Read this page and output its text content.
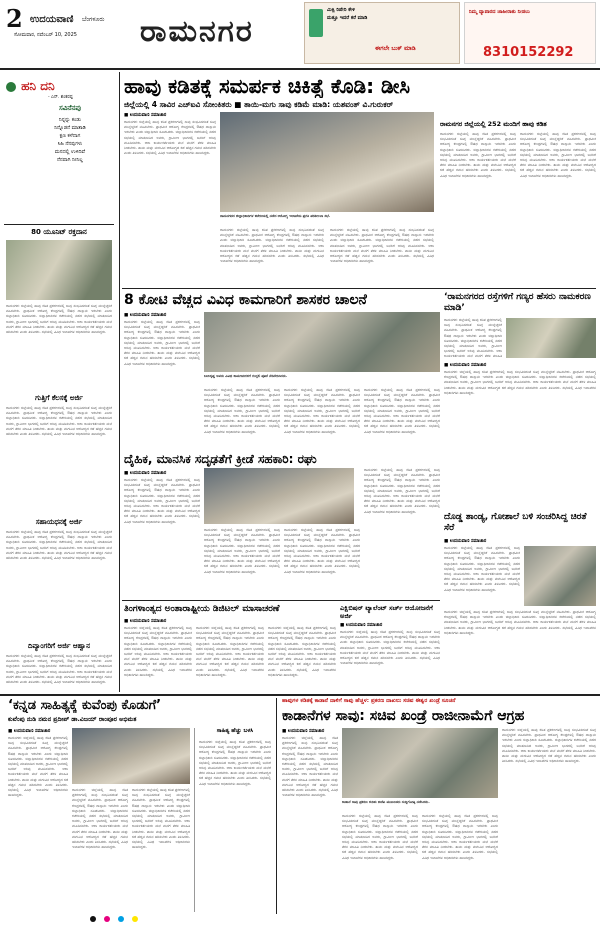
2 ಉದಯವಾಣಿ ಬೆಂಗಳೂರು
ಸೋಮವಾರ, ನವೆಂಬರ್ 10, 2025 ರಾಮನಗರ
ಮಿಕ್ಸಿ ರಿಪೇರಿ ಕೇಳಿ
ಮತ್ತೂ ಇದರೆ ಕರೆ ಮಾಡಿ
ಈಗಲೇ ಬುಕ್ ಮಾಡಿ
ನಿಮ್ಮ ವ್ಯಾಪಾರದ ಜಾಹೀರಾತು ನೀಡಲು
8310152292
ಹನಿ ದನಿ
- ಎನ್. ಶಂಕರಪ್ಪ
ಸವಿನೆನಪು
ನಿನ್ನನ್ನು ಕಂಡು
ನಿನ್ನೊಡನೆ ಮಾತಾಡಿ
ಕ್ಷಣ ಕಳೆದಾಗ
ಸಿಹಿ ನೆನಪುಗಳು
ಮನದಲ್ಲಿ ಉಳಿದಿವೆ
ನೆನಪಾಗಿ ನೀನಿಲ್ಲ
80 ಯೂನಿಟ್ ರಕ್ತದಾನ
ರಾಮನಗರ: ಜಿಲ್ಲೆಯಲ್ಲಿ ಹಾವು ಕಡಿತ ಪ್ರಕರಣಗಳಲ್ಲಿ ಸಾವು ಸಂಭವಿಸದಂತೆ ಸೂಕ್ತ ಮುನ್ನೆಚ್ಚರಿಕೆ ವಹಿಸಬೇಕು. ಪ್ರಾಥಮಿಕ ಆರೋಗ್ಯ ಕೇಂದ್ರಗಳಲ್ಲಿ ಔಷಧ ದಾಸ್ತಾನು ಇರಬೇಕು ಎಂದು ಜಿಲ್ಲಾಧಿಕಾರಿ ಸೂಚಿಸಿದರು. ಜಿಲ್ಲಾಧಿಕಾರಿಗಳ ಕಚೇರಿಯಲ್ಲಿ ನಡೆದ ಸಭೆಯಲ್ಲಿ ಮಾತನಾಡಿದ ಅವರು, ಗ್ರಾಮೀಣ ಭಾಗದಲ್ಲಿ ಜನರಿಗೆ ಅರಿವು ಮೂಡಿಸಬೇಕು. ಆಶಾ ಕಾರ್ಯಕರ್ತೆಯರು ಮನೆ ಮನೆಗೆ ತೆರಳಿ ಮಾಹಿತಿ ನೀಡಬೇಕು. ತಾಯಿ ಮತ್ತು ಮಗುವಿನ ಆರೋಗ್ಯದ ಕಡೆ ಹೆಚ್ಚಿನ ಗಮನ ಹರಿಸಬೇಕು ಎಂದು ತಿಳಿಸಿದರು. ಸಭೆಯಲ್ಲಿ ವಿವಿಧ ಇಲಾಖೆಗಳ ಅಧಿಕಾರಿಗಳು ಹಾಜರಿದ್ದರು.
ಗುತ್ತಿಗೆ ಕೆಲಸಕ್ಕೆ ಅರ್ಜಿ
ರಾಮನಗರ: ಜಿಲ್ಲೆಯಲ್ಲಿ ಹಾವು ಕಡಿತ ಪ್ರಕರಣಗಳಲ್ಲಿ ಸಾವು ಸಂಭವಿಸದಂತೆ ಸೂಕ್ತ ಮುನ್ನೆಚ್ಚರಿಕೆ ವಹಿಸಬೇಕು. ಪ್ರಾಥಮಿಕ ಆರೋಗ್ಯ ಕೇಂದ್ರಗಳಲ್ಲಿ ಔಷಧ ದಾಸ್ತಾನು ಇರಬೇಕು ಎಂದು ಜಿಲ್ಲಾಧಿಕಾರಿ ಸೂಚಿಸಿದರು. ಜಿಲ್ಲಾಧಿಕಾರಿಗಳ ಕಚೇರಿಯಲ್ಲಿ ನಡೆದ ಸಭೆಯಲ್ಲಿ ಮಾತನಾಡಿದ ಅವರು, ಗ್ರಾಮೀಣ ಭಾಗದಲ್ಲಿ ಜನರಿಗೆ ಅರಿವು ಮೂಡಿಸಬೇಕು. ಆಶಾ ಕಾರ್ಯಕರ್ತೆಯರು ಮನೆ ಮನೆಗೆ ತೆರಳಿ ಮಾಹಿತಿ ನೀಡಬೇಕು. ತಾಯಿ ಮತ್ತು ಮಗುವಿನ ಆರೋಗ್ಯದ ಕಡೆ ಹೆಚ್ಚಿನ ಗಮನ ಹರಿಸಬೇಕು ಎಂದು ತಿಳಿಸಿದರು. ಸಭೆಯಲ್ಲಿ ವಿವಿಧ ಇಲಾಖೆಗಳ ಅಧಿಕಾರಿಗಳು ಹಾಜರಿದ್ದರು.
ಸಹಾಯಧನಕ್ಕೆ ಅರ್ಜಿ
ರಾಮನಗರ: ಜಿಲ್ಲೆಯಲ್ಲಿ ಹಾವು ಕಡಿತ ಪ್ರಕರಣಗಳಲ್ಲಿ ಸಾವು ಸಂಭವಿಸದಂತೆ ಸೂಕ್ತ ಮುನ್ನೆಚ್ಚರಿಕೆ ವಹಿಸಬೇಕು. ಪ್ರಾಥಮಿಕ ಆರೋಗ್ಯ ಕೇಂದ್ರಗಳಲ್ಲಿ ಔಷಧ ದಾಸ್ತಾನು ಇರಬೇಕು ಎಂದು ಜಿಲ್ಲಾಧಿಕಾರಿ ಸೂಚಿಸಿದರು. ಜಿಲ್ಲಾಧಿಕಾರಿಗಳ ಕಚೇರಿಯಲ್ಲಿ ನಡೆದ ಸಭೆಯಲ್ಲಿ ಮಾತನಾಡಿದ ಅವರು, ಗ್ರಾಮೀಣ ಭಾಗದಲ್ಲಿ ಜನರಿಗೆ ಅರಿವು ಮೂಡಿಸಬೇಕು. ಆಶಾ ಕಾರ್ಯಕರ್ತೆಯರು ಮನೆ ಮನೆಗೆ ತೆರಳಿ ಮಾಹಿತಿ ನೀಡಬೇಕು. ತಾಯಿ ಮತ್ತು ಮಗುವಿನ ಆರೋಗ್ಯದ ಕಡೆ ಹೆಚ್ಚಿನ ಗಮನ ಹರಿಸಬೇಕು ಎಂದು ತಿಳಿಸಿದರು. ಸಭೆಯಲ್ಲಿ ವಿವಿಧ ಇಲಾಖೆಗಳ ಅಧಿಕಾರಿಗಳು ಹಾಜರಿದ್ದರು.
ದಿವ್ಯಾಂಗರಿಗೆ ಅರ್ಜಿ ಆಹ್ವಾನ
ರಾಮನಗರ: ಜಿಲ್ಲೆಯಲ್ಲಿ ಹಾವು ಕಡಿತ ಪ್ರಕರಣಗಳಲ್ಲಿ ಸಾವು ಸಂಭವಿಸದಂತೆ ಸೂಕ್ತ ಮುನ್ನೆಚ್ಚರಿಕೆ ವಹಿಸಬೇಕು. ಪ್ರಾಥಮಿಕ ಆರೋಗ್ಯ ಕೇಂದ್ರಗಳಲ್ಲಿ ಔಷಧ ದಾಸ್ತಾನು ಇರಬೇಕು ಎಂದು ಜಿಲ್ಲಾಧಿಕಾರಿ ಸೂಚಿಸಿದರು. ಜಿಲ್ಲಾಧಿಕಾರಿಗಳ ಕಚೇರಿಯಲ್ಲಿ ನಡೆದ ಸಭೆಯಲ್ಲಿ ಮಾತನಾಡಿದ ಅವರು, ಗ್ರಾಮೀಣ ಭಾಗದಲ್ಲಿ ಜನರಿಗೆ ಅರಿವು ಮೂಡಿಸಬೇಕು. ಆಶಾ ಕಾರ್ಯಕರ್ತೆಯರು ಮನೆ ಮನೆಗೆ ತೆರಳಿ ಮಾಹಿತಿ ನೀಡಬೇಕು. ತಾಯಿ ಮತ್ತು ಮಗುವಿನ ಆರೋಗ್ಯದ ಕಡೆ ಹೆಚ್ಚಿನ ಗಮನ ಹರಿಸಬೇಕು ಎಂದು ತಿಳಿಸಿದರು. ಸಭೆಯಲ್ಲಿ ವಿವಿಧ ಇಲಾಖೆಗಳ ಅಧಿಕಾರಿಗಳು ಹಾಜರಿದ್ದರು.
ಹಾವು ಕಡಿತಕ್ಕೆ ಸಮರ್ಪಕ ಚಿಕಿತ್ಸೆ ಕೊಡಿ: ಡೀಸಿ
ಜಿಲ್ಲೆಯಲ್ಲಿ 4 ಸಾವಿರ ಎಚ್‌ಐವಿ ಸೋಂಕಿತರು ■ ತಾಯಿ-ಮಗು ಸಾವು ಕಡಿಮೆ ಮಾಡಿ: ಯಶವಂತ್ ವಿ.ಗುರುಕರ್
■ ಉದಯವಾಣಿ ಸಮಾಚಾರ
ರಾಮನಗರ: ಜಿಲ್ಲೆಯಲ್ಲಿ ಹಾವು ಕಡಿತ ಪ್ರಕರಣಗಳಲ್ಲಿ ಸಾವು ಸಂಭವಿಸದಂತೆ ಸೂಕ್ತ ಮುನ್ನೆಚ್ಚರಿಕೆ ವಹಿಸಬೇಕು. ಪ್ರಾಥಮಿಕ ಆರೋಗ್ಯ ಕೇಂದ್ರಗಳಲ್ಲಿ ಔಷಧ ದಾಸ್ತಾನು ಇರಬೇಕು ಎಂದು ಜಿಲ್ಲಾಧಿಕಾರಿ ಸೂಚಿಸಿದರು. ಜಿಲ್ಲಾಧಿಕಾರಿಗಳ ಕಚೇರಿಯಲ್ಲಿ ನಡೆದ ಸಭೆಯಲ್ಲಿ ಮಾತನಾಡಿದ ಅವರು, ಗ್ರಾಮೀಣ ಭಾಗದಲ್ಲಿ ಜನರಿಗೆ ಅರಿವು ಮೂಡಿಸಬೇಕು. ಆಶಾ ಕಾರ್ಯಕರ್ತೆಯರು ಮನೆ ಮನೆಗೆ ತೆರಳಿ ಮಾಹಿತಿ ನೀಡಬೇಕು. ತಾಯಿ ಮತ್ತು ಮಗುವಿನ ಆರೋಗ್ಯದ ಕಡೆ ಹೆಚ್ಚಿನ ಗಮನ ಹರಿಸಬೇಕು ಎಂದು ತಿಳಿಸಿದರು. ಸಭೆಯಲ್ಲಿ ವಿವಿಧ ಇಲಾಖೆಗಳ ಅಧಿಕಾರಿಗಳು ಹಾಜರಿದ್ದರು.
ರಾಮನಗರದ ಜಿಲ್ಲಾಧಿಕಾರಿಗಳ ಕಚೇರಿಯಲ್ಲಿ ನಡೆದ ಆರೋಗ್ಯ ಇಲಾಖೆಯ ಪ್ರಗತಿ ಪರಿಶೀಲನಾ ಸಭೆ.
ರಾಮನಗರ: ಜಿಲ್ಲೆಯಲ್ಲಿ ಹಾವು ಕಡಿತ ಪ್ರಕರಣಗಳಲ್ಲಿ ಸಾವು ಸಂಭವಿಸದಂತೆ ಸೂಕ್ತ ಮುನ್ನೆಚ್ಚರಿಕೆ ವಹಿಸಬೇಕು. ಪ್ರಾಥಮಿಕ ಆರೋಗ್ಯ ಕೇಂದ್ರಗಳಲ್ಲಿ ಔಷಧ ದಾಸ್ತಾನು ಇರಬೇಕು ಎಂದು ಜಿಲ್ಲಾಧಿಕಾರಿ ಸೂಚಿಸಿದರು. ಜಿಲ್ಲಾಧಿಕಾರಿಗಳ ಕಚೇರಿಯಲ್ಲಿ ನಡೆದ ಸಭೆಯಲ್ಲಿ ಮಾತನಾಡಿದ ಅವರು, ಗ್ರಾಮೀಣ ಭಾಗದಲ್ಲಿ ಜನರಿಗೆ ಅರಿವು ಮೂಡಿಸಬೇಕು. ಆಶಾ ಕಾರ್ಯಕರ್ತೆಯರು ಮನೆ ಮನೆಗೆ ತೆರಳಿ ಮಾಹಿತಿ ನೀಡಬೇಕು. ತಾಯಿ ಮತ್ತು ಮಗುವಿನ ಆರೋಗ್ಯದ ಕಡೆ ಹೆಚ್ಚಿನ ಗಮನ ಹರಿಸಬೇಕು ಎಂದು ತಿಳಿಸಿದರು. ಸಭೆಯಲ್ಲಿ ವಿವಿಧ ಇಲಾಖೆಗಳ ಅಧಿಕಾರಿಗಳು ಹಾಜರಿದ್ದರು.
ರಾಮನಗರ: ಜಿಲ್ಲೆಯಲ್ಲಿ ಹಾವು ಕಡಿತ ಪ್ರಕರಣಗಳಲ್ಲಿ ಸಾವು ಸಂಭವಿಸದಂತೆ ಸೂಕ್ತ ಮುನ್ನೆಚ್ಚರಿಕೆ ವಹಿಸಬೇಕು. ಪ್ರಾಥಮಿಕ ಆರೋಗ್ಯ ಕೇಂದ್ರಗಳಲ್ಲಿ ಔಷಧ ದಾಸ್ತಾನು ಇರಬೇಕು ಎಂದು ಜಿಲ್ಲಾಧಿಕಾರಿ ಸೂಚಿಸಿದರು. ಜಿಲ್ಲಾಧಿಕಾರಿಗಳ ಕಚೇರಿಯಲ್ಲಿ ನಡೆದ ಸಭೆಯಲ್ಲಿ ಮಾತನಾಡಿದ ಅವರು, ಗ್ರಾಮೀಣ ಭಾಗದಲ್ಲಿ ಜನರಿಗೆ ಅರಿವು ಮೂಡಿಸಬೇಕು. ಆಶಾ ಕಾರ್ಯಕರ್ತೆಯರು ಮನೆ ಮನೆಗೆ ತೆರಳಿ ಮಾಹಿತಿ ನೀಡಬೇಕು. ತಾಯಿ ಮತ್ತು ಮಗುವಿನ ಆರೋಗ್ಯದ ಕಡೆ ಹೆಚ್ಚಿನ ಗಮನ ಹರಿಸಬೇಕು ಎಂದು ತಿಳಿಸಿದರು. ಸಭೆಯಲ್ಲಿ ವಿವಿಧ ಇಲಾಖೆಗಳ ಅಧಿಕಾರಿಗಳು ಹಾಜರಿದ್ದರು.
ರಾಮನಗರ ಜಿಲ್ಲೆಯಲ್ಲಿ 252 ಮಂದಿಗೆ ಹಾವು ಕಡಿತ
ರಾಮನಗರ: ಜಿಲ್ಲೆಯಲ್ಲಿ ಹಾವು ಕಡಿತ ಪ್ರಕರಣಗಳಲ್ಲಿ ಸಾವು ಸಂಭವಿಸದಂತೆ ಸೂಕ್ತ ಮುನ್ನೆಚ್ಚರಿಕೆ ವಹಿಸಬೇಕು. ಪ್ರಾಥಮಿಕ ಆರೋಗ್ಯ ಕೇಂದ್ರಗಳಲ್ಲಿ ಔಷಧ ದಾಸ್ತಾನು ಇರಬೇಕು ಎಂದು ಜಿಲ್ಲಾಧಿಕಾರಿ ಸೂಚಿಸಿದರು. ಜಿಲ್ಲಾಧಿಕಾರಿಗಳ ಕಚೇರಿಯಲ್ಲಿ ನಡೆದ ಸಭೆಯಲ್ಲಿ ಮಾತನಾಡಿದ ಅವರು, ಗ್ರಾಮೀಣ ಭಾಗದಲ್ಲಿ ಜನರಿಗೆ ಅರಿವು ಮೂಡಿಸಬೇಕು. ಆಶಾ ಕಾರ್ಯಕರ್ತೆಯರು ಮನೆ ಮನೆಗೆ ತೆರಳಿ ಮಾಹಿತಿ ನೀಡಬೇಕು. ತಾಯಿ ಮತ್ತು ಮಗುವಿನ ಆರೋಗ್ಯದ ಕಡೆ ಹೆಚ್ಚಿನ ಗಮನ ಹರಿಸಬೇಕು ಎಂದು ತಿಳಿಸಿದರು. ಸಭೆಯಲ್ಲಿ ವಿವಿಧ ಇಲಾಖೆಗಳ ಅಧಿಕಾರಿಗಳು ಹಾಜರಿದ್ದರು.
ರಾಮನಗರ: ಜಿಲ್ಲೆಯಲ್ಲಿ ಹಾವು ಕಡಿತ ಪ್ರಕರಣಗಳಲ್ಲಿ ಸಾವು ಸಂಭವಿಸದಂತೆ ಸೂಕ್ತ ಮುನ್ನೆಚ್ಚರಿಕೆ ವಹಿಸಬೇಕು. ಪ್ರಾಥಮಿಕ ಆರೋಗ್ಯ ಕೇಂದ್ರಗಳಲ್ಲಿ ಔಷಧ ದಾಸ್ತಾನು ಇರಬೇಕು ಎಂದು ಜಿಲ್ಲಾಧಿಕಾರಿ ಸೂಚಿಸಿದರು. ಜಿಲ್ಲಾಧಿಕಾರಿಗಳ ಕಚೇರಿಯಲ್ಲಿ ನಡೆದ ಸಭೆಯಲ್ಲಿ ಮಾತನಾಡಿದ ಅವರು, ಗ್ರಾಮೀಣ ಭಾಗದಲ್ಲಿ ಜನರಿಗೆ ಅರಿವು ಮೂಡಿಸಬೇಕು. ಆಶಾ ಕಾರ್ಯಕರ್ತೆಯರು ಮನೆ ಮನೆಗೆ ತೆರಳಿ ಮಾಹಿತಿ ನೀಡಬೇಕು. ತಾಯಿ ಮತ್ತು ಮಗುವಿನ ಆರೋಗ್ಯದ ಕಡೆ ಹೆಚ್ಚಿನ ಗಮನ ಹರಿಸಬೇಕು ಎಂದು ತಿಳಿಸಿದರು. ಸಭೆಯಲ್ಲಿ ವಿವಿಧ ಇಲಾಖೆಗಳ ಅಧಿಕಾರಿಗಳು ಹಾಜರಿದ್ದರು.
8 ಕೋಟಿ ವೆಚ್ಚದ ವಿವಿಧ ಕಾಮಗಾರಿಗೆ ಶಾಸಕರ ಚಾಲನೆ
■ ಉದಯವಾಣಿ ಸಮಾಚಾರ
ರಾಮನಗರ: ಜಿಲ್ಲೆಯಲ್ಲಿ ಹಾವು ಕಡಿತ ಪ್ರಕರಣಗಳಲ್ಲಿ ಸಾವು ಸಂಭವಿಸದಂತೆ ಸೂಕ್ತ ಮುನ್ನೆಚ್ಚರಿಕೆ ವಹಿಸಬೇಕು. ಪ್ರಾಥಮಿಕ ಆರೋಗ್ಯ ಕೇಂದ್ರಗಳಲ್ಲಿ ಔಷಧ ದಾಸ್ತಾನು ಇರಬೇಕು ಎಂದು ಜಿಲ್ಲಾಧಿಕಾರಿ ಸೂಚಿಸಿದರು. ಜಿಲ್ಲಾಧಿಕಾರಿಗಳ ಕಚೇರಿಯಲ್ಲಿ ನಡೆದ ಸಭೆಯಲ್ಲಿ ಮಾತನಾಡಿದ ಅವರು, ಗ್ರಾಮೀಣ ಭಾಗದಲ್ಲಿ ಜನರಿಗೆ ಅರಿವು ಮೂಡಿಸಬೇಕು. ಆಶಾ ಕಾರ್ಯಕರ್ತೆಯರು ಮನೆ ಮನೆಗೆ ತೆರಳಿ ಮಾಹಿತಿ ನೀಡಬೇಕು. ತಾಯಿ ಮತ್ತು ಮಗುವಿನ ಆರೋಗ್ಯದ ಕಡೆ ಹೆಚ್ಚಿನ ಗಮನ ಹರಿಸಬೇಕು ಎಂದು ತಿಳಿಸಿದರು. ಸಭೆಯಲ್ಲಿ ವಿವಿಧ ಇಲಾಖೆಗಳ ಅಧಿಕಾರಿಗಳು ಹಾಜರಿದ್ದರು.
ಬಾಲಕೃಷ್ಣ ಅವರು ವಿವಿಧ ಕಾಮಗಾರಿಗಳಿಗೆ ಗುದ್ದಲಿ ಪೂಜೆ ನೆರವೇರಿಸಿದರು.
ರಾಮನಗರ: ಜಿಲ್ಲೆಯಲ್ಲಿ ಹಾವು ಕಡಿತ ಪ್ರಕರಣಗಳಲ್ಲಿ ಸಾವು ಸಂಭವಿಸದಂತೆ ಸೂಕ್ತ ಮುನ್ನೆಚ್ಚರಿಕೆ ವಹಿಸಬೇಕು. ಪ್ರಾಥಮಿಕ ಆರೋಗ್ಯ ಕೇಂದ್ರಗಳಲ್ಲಿ ಔಷಧ ದಾಸ್ತಾನು ಇರಬೇಕು ಎಂದು ಜಿಲ್ಲಾಧಿಕಾರಿ ಸೂಚಿಸಿದರು. ಜಿಲ್ಲಾಧಿಕಾರಿಗಳ ಕಚೇರಿಯಲ್ಲಿ ನಡೆದ ಸಭೆಯಲ್ಲಿ ಮಾತನಾಡಿದ ಅವರು, ಗ್ರಾಮೀಣ ಭಾಗದಲ್ಲಿ ಜನರಿಗೆ ಅರಿವು ಮೂಡಿಸಬೇಕು. ಆಶಾ ಕಾರ್ಯಕರ್ತೆಯರು ಮನೆ ಮನೆಗೆ ತೆರಳಿ ಮಾಹಿತಿ ನೀಡಬೇಕು. ತಾಯಿ ಮತ್ತು ಮಗುವಿನ ಆರೋಗ್ಯದ ಕಡೆ ಹೆಚ್ಚಿನ ಗಮನ ಹರಿಸಬೇಕು ಎಂದು ತಿಳಿಸಿದರು. ಸಭೆಯಲ್ಲಿ ವಿವಿಧ ಇಲಾಖೆಗಳ ಅಧಿಕಾರಿಗಳು ಹಾಜರಿದ್ದರು.
ರಾಮನಗರ: ಜಿಲ್ಲೆಯಲ್ಲಿ ಹಾವು ಕಡಿತ ಪ್ರಕರಣಗಳಲ್ಲಿ ಸಾವು ಸಂಭವಿಸದಂತೆ ಸೂಕ್ತ ಮುನ್ನೆಚ್ಚರಿಕೆ ವಹಿಸಬೇಕು. ಪ್ರಾಥಮಿಕ ಆರೋಗ್ಯ ಕೇಂದ್ರಗಳಲ್ಲಿ ಔಷಧ ದಾಸ್ತಾನು ಇರಬೇಕು ಎಂದು ಜಿಲ್ಲಾಧಿಕಾರಿ ಸೂಚಿಸಿದರು. ಜಿಲ್ಲಾಧಿಕಾರಿಗಳ ಕಚೇರಿಯಲ್ಲಿ ನಡೆದ ಸಭೆಯಲ್ಲಿ ಮಾತನಾಡಿದ ಅವರು, ಗ್ರಾಮೀಣ ಭಾಗದಲ್ಲಿ ಜನರಿಗೆ ಅರಿವು ಮೂಡಿಸಬೇಕು. ಆಶಾ ಕಾರ್ಯಕರ್ತೆಯರು ಮನೆ ಮನೆಗೆ ತೆರಳಿ ಮಾಹಿತಿ ನೀಡಬೇಕು. ತಾಯಿ ಮತ್ತು ಮಗುವಿನ ಆರೋಗ್ಯದ ಕಡೆ ಹೆಚ್ಚಿನ ಗಮನ ಹರಿಸಬೇಕು ಎಂದು ತಿಳಿಸಿದರು. ಸಭೆಯಲ್ಲಿ ವಿವಿಧ ಇಲಾಖೆಗಳ ಅಧಿಕಾರಿಗಳು ಹಾಜರಿದ್ದರು.
ರಾಮನಗರ: ಜಿಲ್ಲೆಯಲ್ಲಿ ಹಾವು ಕಡಿತ ಪ್ರಕರಣಗಳಲ್ಲಿ ಸಾವು ಸಂಭವಿಸದಂತೆ ಸೂಕ್ತ ಮುನ್ನೆಚ್ಚರಿಕೆ ವಹಿಸಬೇಕು. ಪ್ರಾಥಮಿಕ ಆರೋಗ್ಯ ಕೇಂದ್ರಗಳಲ್ಲಿ ಔಷಧ ದಾಸ್ತಾನು ಇರಬೇಕು ಎಂದು ಜಿಲ್ಲಾಧಿಕಾರಿ ಸೂಚಿಸಿದರು. ಜಿಲ್ಲಾಧಿಕಾರಿಗಳ ಕಚೇರಿಯಲ್ಲಿ ನಡೆದ ಸಭೆಯಲ್ಲಿ ಮಾತನಾಡಿದ ಅವರು, ಗ್ರಾಮೀಣ ಭಾಗದಲ್ಲಿ ಜನರಿಗೆ ಅರಿವು ಮೂಡಿಸಬೇಕು. ಆಶಾ ಕಾರ್ಯಕರ್ತೆಯರು ಮನೆ ಮನೆಗೆ ತೆರಳಿ ಮಾಹಿತಿ ನೀಡಬೇಕು. ತಾಯಿ ಮತ್ತು ಮಗುವಿನ ಆರೋಗ್ಯದ ಕಡೆ ಹೆಚ್ಚಿನ ಗಮನ ಹರಿಸಬೇಕು ಎಂದು ತಿಳಿಸಿದರು. ಸಭೆಯಲ್ಲಿ ವಿವಿಧ ಇಲಾಖೆಗಳ ಅಧಿಕಾರಿಗಳು ಹಾಜರಿದ್ದರು.
‘ರಾಮನಗರದ ರಸ್ತೆಗಳಿಗೆ ಗಣ್ಯರ ಹೆಸರು ನಾಮಕರಣ ಮಾಡಿ’
ರಾಮನಗರ: ಜಿಲ್ಲೆಯಲ್ಲಿ ಹಾವು ಕಡಿತ ಪ್ರಕರಣಗಳಲ್ಲಿ ಸಾವು ಸಂಭವಿಸದಂತೆ ಸೂಕ್ತ ಮುನ್ನೆಚ್ಚರಿಕೆ ವಹಿಸಬೇಕು. ಪ್ರಾಥಮಿಕ ಆರೋಗ್ಯ ಕೇಂದ್ರಗಳಲ್ಲಿ ಔಷಧ ದಾಸ್ತಾನು ಇರಬೇಕು ಎಂದು ಜಿಲ್ಲಾಧಿಕಾರಿ ಸೂಚಿಸಿದರು. ಜಿಲ್ಲಾಧಿಕಾರಿಗಳ ಕಚೇರಿಯಲ್ಲಿ ನಡೆದ ಸಭೆಯಲ್ಲಿ ಮಾತನಾಡಿದ ಅವರು, ಗ್ರಾಮೀಣ ಭಾಗದಲ್ಲಿ ಜನರಿಗೆ ಅರಿವು ಮೂಡಿಸಬೇಕು. ಆಶಾ ಕಾರ್ಯಕರ್ತೆಯರು ಮನೆ ಮನೆಗೆ ತೆರಳಿ ಮಾಹಿತಿ
■ ಉದಯವಾಣಿ ಸಮಾಚಾರ
ರಾಮನಗರ: ಜಿಲ್ಲೆಯಲ್ಲಿ ಹಾವು ಕಡಿತ ಪ್ರಕರಣಗಳಲ್ಲಿ ಸಾವು ಸಂಭವಿಸದಂತೆ ಸೂಕ್ತ ಮುನ್ನೆಚ್ಚರಿಕೆ ವಹಿಸಬೇಕು. ಪ್ರಾಥಮಿಕ ಆರೋಗ್ಯ ಕೇಂದ್ರಗಳಲ್ಲಿ ಔಷಧ ದಾಸ್ತಾನು ಇರಬೇಕು ಎಂದು ಜಿಲ್ಲಾಧಿಕಾರಿ ಸೂಚಿಸಿದರು. ಜಿಲ್ಲಾಧಿಕಾರಿಗಳ ಕಚೇರಿಯಲ್ಲಿ ನಡೆದ ಸಭೆಯಲ್ಲಿ ಮಾತನಾಡಿದ ಅವರು, ಗ್ರಾಮೀಣ ಭಾಗದಲ್ಲಿ ಜನರಿಗೆ ಅರಿವು ಮೂಡಿಸಬೇಕು. ಆಶಾ ಕಾರ್ಯಕರ್ತೆಯರು ಮನೆ ಮನೆಗೆ ತೆರಳಿ ಮಾಹಿತಿ ನೀಡಬೇಕು. ತಾಯಿ ಮತ್ತು ಮಗುವಿನ ಆರೋಗ್ಯದ ಕಡೆ ಹೆಚ್ಚಿನ ಗಮನ ಹರಿಸಬೇಕು ಎಂದು ತಿಳಿಸಿದರು. ಸಭೆಯಲ್ಲಿ ವಿವಿಧ ಇಲಾಖೆಗಳ ಅಧಿಕಾರಿಗಳು ಹಾಜರಿದ್ದರು.
ದೈಹಿಕ, ಮಾನಸಿಕ ಸದೃಢತೆಗೆ ಕ್ರೀಡೆ ಸಹಕಾರಿ: ರಘು
■ ಉದಯವಾಣಿ ಸಮಾಚಾರ
ರಾಮನಗರ: ಜಿಲ್ಲೆಯಲ್ಲಿ ಹಾವು ಕಡಿತ ಪ್ರಕರಣಗಳಲ್ಲಿ ಸಾವು ಸಂಭವಿಸದಂತೆ ಸೂಕ್ತ ಮುನ್ನೆಚ್ಚರಿಕೆ ವಹಿಸಬೇಕು. ಪ್ರಾಥಮಿಕ ಆರೋಗ್ಯ ಕೇಂದ್ರಗಳಲ್ಲಿ ಔಷಧ ದಾಸ್ತಾನು ಇರಬೇಕು ಎಂದು ಜಿಲ್ಲಾಧಿಕಾರಿ ಸೂಚಿಸಿದರು. ಜಿಲ್ಲಾಧಿಕಾರಿಗಳ ಕಚೇರಿಯಲ್ಲಿ ನಡೆದ ಸಭೆಯಲ್ಲಿ ಮಾತನಾಡಿದ ಅವರು, ಗ್ರಾಮೀಣ ಭಾಗದಲ್ಲಿ ಜನರಿಗೆ ಅರಿವು ಮೂಡಿಸಬೇಕು. ಆಶಾ ಕಾರ್ಯಕರ್ತೆಯರು ಮನೆ ಮನೆಗೆ ತೆರಳಿ ಮಾಹಿತಿ ನೀಡಬೇಕು. ತಾಯಿ ಮತ್ತು ಮಗುವಿನ ಆರೋಗ್ಯದ ಕಡೆ ಹೆಚ್ಚಿನ ಗಮನ ಹರಿಸಬೇಕು ಎಂದು ತಿಳಿಸಿದರು. ಸಭೆಯಲ್ಲಿ ವಿವಿಧ ಇಲಾಖೆಗಳ ಅಧಿಕಾರಿಗಳು ಹಾಜರಿದ್ದರು.
ರಾಮನಗರ: ಜಿಲ್ಲೆಯಲ್ಲಿ ಹಾವು ಕಡಿತ ಪ್ರಕರಣಗಳಲ್ಲಿ ಸಾವು ಸಂಭವಿಸದಂತೆ ಸೂಕ್ತ ಮುನ್ನೆಚ್ಚರಿಕೆ ವಹಿಸಬೇಕು. ಪ್ರಾಥಮಿಕ ಆರೋಗ್ಯ ಕೇಂದ್ರಗಳಲ್ಲಿ ಔಷಧ ದಾಸ್ತಾನು ಇರಬೇಕು ಎಂದು ಜಿಲ್ಲಾಧಿಕಾರಿ ಸೂಚಿಸಿದರು. ಜಿಲ್ಲಾಧಿಕಾರಿಗಳ ಕಚೇರಿಯಲ್ಲಿ ನಡೆದ ಸಭೆಯಲ್ಲಿ ಮಾತನಾಡಿದ ಅವರು, ಗ್ರಾಮೀಣ ಭಾಗದಲ್ಲಿ ಜನರಿಗೆ ಅರಿವು ಮೂಡಿಸಬೇಕು. ಆಶಾ ಕಾರ್ಯಕರ್ತೆಯರು ಮನೆ ಮನೆಗೆ ತೆರಳಿ ಮಾಹಿತಿ ನೀಡಬೇಕು. ತಾಯಿ ಮತ್ತು ಮಗುವಿನ ಆರೋಗ್ಯದ ಕಡೆ ಹೆಚ್ಚಿನ ಗಮನ ಹರಿಸಬೇಕು ಎಂದು ತಿಳಿಸಿದರು. ಸಭೆಯಲ್ಲಿ ವಿವಿಧ ಇಲಾಖೆಗಳ ಅಧಿಕಾರಿಗಳು ಹಾಜರಿದ್ದರು.
ರಾಮನಗರ: ಜಿಲ್ಲೆಯಲ್ಲಿ ಹಾವು ಕಡಿತ ಪ್ರಕರಣಗಳಲ್ಲಿ ಸಾವು ಸಂಭವಿಸದಂತೆ ಸೂಕ್ತ ಮುನ್ನೆಚ್ಚರಿಕೆ ವಹಿಸಬೇಕು. ಪ್ರಾಥಮಿಕ ಆರೋಗ್ಯ ಕೇಂದ್ರಗಳಲ್ಲಿ ಔಷಧ ದಾಸ್ತಾನು ಇರಬೇಕು ಎಂದು ಜಿಲ್ಲಾಧಿಕಾರಿ ಸೂಚಿಸಿದರು. ಜಿಲ್ಲಾಧಿಕಾರಿಗಳ ಕಚೇರಿಯಲ್ಲಿ ನಡೆದ ಸಭೆಯಲ್ಲಿ ಮಾತನಾಡಿದ ಅವರು, ಗ್ರಾಮೀಣ ಭಾಗದಲ್ಲಿ ಜನರಿಗೆ ಅರಿವು ಮೂಡಿಸಬೇಕು. ಆಶಾ ಕಾರ್ಯಕರ್ತೆಯರು ಮನೆ ಮನೆಗೆ ತೆರಳಿ ಮಾಹಿತಿ ನೀಡಬೇಕು. ತಾಯಿ ಮತ್ತು ಮಗುವಿನ ಆರೋಗ್ಯದ ಕಡೆ ಹೆಚ್ಚಿನ ಗಮನ ಹರಿಸಬೇಕು ಎಂದು ತಿಳಿಸಿದರು. ಸಭೆಯಲ್ಲಿ ವಿವಿಧ ಇಲಾಖೆಗಳ ಅಧಿಕಾರಿಗಳು ಹಾಜರಿದ್ದರು.
ರಾಮನಗರ: ಜಿಲ್ಲೆಯಲ್ಲಿ ಹಾವು ಕಡಿತ ಪ್ರಕರಣಗಳಲ್ಲಿ ಸಾವು ಸಂಭವಿಸದಂತೆ ಸೂಕ್ತ ಮುನ್ನೆಚ್ಚರಿಕೆ ವಹಿಸಬೇಕು. ಪ್ರಾಥಮಿಕ ಆರೋಗ್ಯ ಕೇಂದ್ರಗಳಲ್ಲಿ ಔಷಧ ದಾಸ್ತಾನು ಇರಬೇಕು ಎಂದು ಜಿಲ್ಲಾಧಿಕಾರಿ ಸೂಚಿಸಿದರು. ಜಿಲ್ಲಾಧಿಕಾರಿಗಳ ಕಚೇರಿಯಲ್ಲಿ ನಡೆದ ಸಭೆಯಲ್ಲಿ ಮಾತನಾಡಿದ ಅವರು, ಗ್ರಾಮೀಣ ಭಾಗದಲ್ಲಿ ಜನರಿಗೆ ಅರಿವು ಮೂಡಿಸಬೇಕು. ಆಶಾ ಕಾರ್ಯಕರ್ತೆಯರು ಮನೆ ಮನೆಗೆ ತೆರಳಿ ಮಾಹಿತಿ ನೀಡಬೇಕು. ತಾಯಿ ಮತ್ತು ಮಗುವಿನ ಆರೋಗ್ಯದ ಕಡೆ ಹೆಚ್ಚಿನ ಗಮನ ಹರಿಸಬೇಕು ಎಂದು ತಿಳಿಸಿದರು. ಸಭೆಯಲ್ಲಿ ವಿವಿಧ ಇಲಾಖೆಗಳ ಅಧಿಕಾರಿಗಳು ಹಾಜರಿದ್ದರು.
ದೊಡ್ಡ ತಾಂಡ್ಯ, ಗೋಶಾಲೆ ಬಳಿ ಸಂಚರಿಸಿದ್ದ ಚಿರತೆ ಸೆರೆ
■ ಉದಯವಾಣಿ ಸಮಾಚಾರ
ರಾಮನಗರ: ಜಿಲ್ಲೆಯಲ್ಲಿ ಹಾವು ಕಡಿತ ಪ್ರಕರಣಗಳಲ್ಲಿ ಸಾವು ಸಂಭವಿಸದಂತೆ ಸೂಕ್ತ ಮುನ್ನೆಚ್ಚರಿಕೆ ವಹಿಸಬೇಕು. ಪ್ರಾಥಮಿಕ ಆರೋಗ್ಯ ಕೇಂದ್ರಗಳಲ್ಲಿ ಔಷಧ ದಾಸ್ತಾನು ಇರಬೇಕು ಎಂದು ಜಿಲ್ಲಾಧಿಕಾರಿ ಸೂಚಿಸಿದರು. ಜಿಲ್ಲಾಧಿಕಾರಿಗಳ ಕಚೇರಿಯಲ್ಲಿ ನಡೆದ ಸಭೆಯಲ್ಲಿ ಮಾತನಾಡಿದ ಅವರು, ಗ್ರಾಮೀಣ ಭಾಗದಲ್ಲಿ ಜನರಿಗೆ ಅರಿವು ಮೂಡಿಸಬೇಕು. ಆಶಾ ಕಾರ್ಯಕರ್ತೆಯರು ಮನೆ ಮನೆಗೆ ತೆರಳಿ ಮಾಹಿತಿ ನೀಡಬೇಕು. ತಾಯಿ ಮತ್ತು ಮಗುವಿನ ಆರೋಗ್ಯದ ಕಡೆ ಹೆಚ್ಚಿನ ಗಮನ ಹರಿಸಬೇಕು ಎಂದು ತಿಳಿಸಿದರು. ಸಭೆಯಲ್ಲಿ ವಿವಿಧ ಇಲಾಖೆಗಳ ಅಧಿಕಾರಿಗಳು ಹಾಜರಿದ್ದರು.
ರಾಮನಗರ: ಜಿಲ್ಲೆಯಲ್ಲಿ ಹಾವು ಕಡಿತ ಪ್ರಕರಣಗಳಲ್ಲಿ ಸಾವು ಸಂಭವಿಸದಂತೆ ಸೂಕ್ತ ಮುನ್ನೆಚ್ಚರಿಕೆ ವಹಿಸಬೇಕು. ಪ್ರಾಥಮಿಕ ಆರೋಗ್ಯ ಕೇಂದ್ರಗಳಲ್ಲಿ ಔಷಧ ದಾಸ್ತಾನು ಇರಬೇಕು ಎಂದು ಜಿಲ್ಲಾಧಿಕಾರಿ ಸೂಚಿಸಿದರು. ಜಿಲ್ಲಾಧಿಕಾರಿಗಳ ಕಚೇರಿಯಲ್ಲಿ ನಡೆದ ಸಭೆಯಲ್ಲಿ ಮಾತನಾಡಿದ ಅವರು, ಗ್ರಾಮೀಣ ಭಾಗದಲ್ಲಿ ಜನರಿಗೆ ಅರಿವು ಮೂಡಿಸಬೇಕು. ಆಶಾ ಕಾರ್ಯಕರ್ತೆಯರು ಮನೆ ಮನೆಗೆ ತೆರಳಿ ಮಾಹಿತಿ ನೀಡಬೇಕು. ತಾಯಿ ಮತ್ತು ಮಗುವಿನ ಆರೋಗ್ಯದ ಕಡೆ ಹೆಚ್ಚಿನ ಗಮನ ಹರಿಸಬೇಕು ಎಂದು ತಿಳಿಸಿದರು. ಸಭೆಯಲ್ಲಿ ವಿವಿಧ ಇಲಾಖೆಗಳ ಅಧಿಕಾರಿಗಳು ಹಾಜರಿದ್ದರು.
ತಿಂಗಳಾಂತ್ಯದ ಅಂತಾರಾಷ್ಟ್ರೀಯ ಡಿಜಿಟಲ್ ಮಾಸಾಚರಣೆ
■ ಉದಯವಾಣಿ ಸಮಾಚಾರ
ರಾಮನಗರ: ಜಿಲ್ಲೆಯಲ್ಲಿ ಹಾವು ಕಡಿತ ಪ್ರಕರಣಗಳಲ್ಲಿ ಸಾವು ಸಂಭವಿಸದಂತೆ ಸೂಕ್ತ ಮುನ್ನೆಚ್ಚರಿಕೆ ವಹಿಸಬೇಕು. ಪ್ರಾಥಮಿಕ ಆರೋಗ್ಯ ಕೇಂದ್ರಗಳಲ್ಲಿ ಔಷಧ ದಾಸ್ತಾನು ಇರಬೇಕು ಎಂದು ಜಿಲ್ಲಾಧಿಕಾರಿ ಸೂಚಿಸಿದರು. ಜಿಲ್ಲಾಧಿಕಾರಿಗಳ ಕಚೇರಿಯಲ್ಲಿ ನಡೆದ ಸಭೆಯಲ್ಲಿ ಮಾತನಾಡಿದ ಅವರು, ಗ್ರಾಮೀಣ ಭಾಗದಲ್ಲಿ ಜನರಿಗೆ ಅರಿವು ಮೂಡಿಸಬೇಕು. ಆಶಾ ಕಾರ್ಯಕರ್ತೆಯರು ಮನೆ ಮನೆಗೆ ತೆರಳಿ ಮಾಹಿತಿ ನೀಡಬೇಕು. ತಾಯಿ ಮತ್ತು ಮಗುವಿನ ಆರೋಗ್ಯದ ಕಡೆ ಹೆಚ್ಚಿನ ಗಮನ ಹರಿಸಬೇಕು ಎಂದು ತಿಳಿಸಿದರು. ಸಭೆಯಲ್ಲಿ ವಿವಿಧ ಇಲಾಖೆಗಳ ಅಧಿಕಾರಿಗಳು ಹಾಜರಿದ್ದರು.
ರಾಮನಗರ: ಜಿಲ್ಲೆಯಲ್ಲಿ ಹಾವು ಕಡಿತ ಪ್ರಕರಣಗಳಲ್ಲಿ ಸಾವು ಸಂಭವಿಸದಂತೆ ಸೂಕ್ತ ಮುನ್ನೆಚ್ಚರಿಕೆ ವಹಿಸಬೇಕು. ಪ್ರಾಥಮಿಕ ಆರೋಗ್ಯ ಕೇಂದ್ರಗಳಲ್ಲಿ ಔಷಧ ದಾಸ್ತಾನು ಇರಬೇಕು ಎಂದು ಜಿಲ್ಲಾಧಿಕಾರಿ ಸೂಚಿಸಿದರು. ಜಿಲ್ಲಾಧಿಕಾರಿಗಳ ಕಚೇರಿಯಲ್ಲಿ ನಡೆದ ಸಭೆಯಲ್ಲಿ ಮಾತನಾಡಿದ ಅವರು, ಗ್ರಾಮೀಣ ಭಾಗದಲ್ಲಿ ಜನರಿಗೆ ಅರಿವು ಮೂಡಿಸಬೇಕು. ಆಶಾ ಕಾರ್ಯಕರ್ತೆಯರು ಮನೆ ಮನೆಗೆ ತೆರಳಿ ಮಾಹಿತಿ ನೀಡಬೇಕು. ತಾಯಿ ಮತ್ತು ಮಗುವಿನ ಆರೋಗ್ಯದ ಕಡೆ ಹೆಚ್ಚಿನ ಗಮನ ಹರಿಸಬೇಕು ಎಂದು ತಿಳಿಸಿದರು. ಸಭೆಯಲ್ಲಿ ವಿವಿಧ ಇಲಾಖೆಗಳ ಅಧಿಕಾರಿಗಳು ಹಾಜರಿದ್ದರು.
ರಾಮನಗರ: ಜಿಲ್ಲೆಯಲ್ಲಿ ಹಾವು ಕಡಿತ ಪ್ರಕರಣಗಳಲ್ಲಿ ಸಾವು ಸಂಭವಿಸದಂತೆ ಸೂಕ್ತ ಮುನ್ನೆಚ್ಚರಿಕೆ ವಹಿಸಬೇಕು. ಪ್ರಾಥಮಿಕ ಆರೋಗ್ಯ ಕೇಂದ್ರಗಳಲ್ಲಿ ಔಷಧ ದಾಸ್ತಾನು ಇರಬೇಕು ಎಂದು ಜಿಲ್ಲಾಧಿಕಾರಿ ಸೂಚಿಸಿದರು. ಜಿಲ್ಲಾಧಿಕಾರಿಗಳ ಕಚೇರಿಯಲ್ಲಿ ನಡೆದ ಸಭೆಯಲ್ಲಿ ಮಾತನಾಡಿದ ಅವರು, ಗ್ರಾಮೀಣ ಭಾಗದಲ್ಲಿ ಜನರಿಗೆ ಅರಿವು ಮೂಡಿಸಬೇಕು. ಆಶಾ ಕಾರ್ಯಕರ್ತೆಯರು ಮನೆ ಮನೆಗೆ ತೆರಳಿ ಮಾಹಿತಿ ನೀಡಬೇಕು. ತಾಯಿ ಮತ್ತು ಮಗುವಿನ ಆರೋಗ್ಯದ ಕಡೆ ಹೆಚ್ಚಿನ ಗಮನ ಹರಿಸಬೇಕು ಎಂದು ತಿಳಿಸಿದರು. ಸಭೆಯಲ್ಲಿ ವಿವಿಧ ಇಲಾಖೆಗಳ ಅಧಿಕಾರಿಗಳು ಹಾಜರಿದ್ದರು.
ಎಕ್ಷಿಬಿಷನ್ ಟ್ಯಾಲೆಂಟ್ ಸರ್ಚ್ ಆಯೋಜನೆಗೆ ಅರ್ಜಿ
■ ಉದಯವಾಣಿ ಸಮಾಚಾರ
ರಾಮನಗರ: ಜಿಲ್ಲೆಯಲ್ಲಿ ಹಾವು ಕಡಿತ ಪ್ರಕರಣಗಳಲ್ಲಿ ಸಾವು ಸಂಭವಿಸದಂತೆ ಸೂಕ್ತ ಮುನ್ನೆಚ್ಚರಿಕೆ ವಹಿಸಬೇಕು. ಪ್ರಾಥಮಿಕ ಆರೋಗ್ಯ ಕೇಂದ್ರಗಳಲ್ಲಿ ಔಷಧ ದಾಸ್ತಾನು ಇರಬೇಕು ಎಂದು ಜಿಲ್ಲಾಧಿಕಾರಿ ಸೂಚಿಸಿದರು. ಜಿಲ್ಲಾಧಿಕಾರಿಗಳ ಕಚೇರಿಯಲ್ಲಿ ನಡೆದ ಸಭೆಯಲ್ಲಿ ಮಾತನಾಡಿದ ಅವರು, ಗ್ರಾಮೀಣ ಭಾಗದಲ್ಲಿ ಜನರಿಗೆ ಅರಿವು ಮೂಡಿಸಬೇಕು. ಆಶಾ ಕಾರ್ಯಕರ್ತೆಯರು ಮನೆ ಮನೆಗೆ ತೆರಳಿ ಮಾಹಿತಿ ನೀಡಬೇಕು. ತಾಯಿ ಮತ್ತು ಮಗುವಿನ ಆರೋಗ್ಯದ ಕಡೆ ಹೆಚ್ಚಿನ ಗಮನ ಹರಿಸಬೇಕು ಎಂದು ತಿಳಿಸಿದರು. ಸಭೆಯಲ್ಲಿ ವಿವಿಧ ಇಲಾಖೆಗಳ ಅಧಿಕಾರಿಗಳು ಹಾಜರಿದ್ದರು.
‘ಕನ್ನಡ ಸಾಹಿತ್ಯಕ್ಕೆ ಕುವೆಂಪು ಕೊಡುಗೆ’
ಕುವೆಂಪು ನುಡಿ ನಮನ ಪ್ರದೀಪ್ ಡಾ.ವಿಜಯ್ ರಾಂಪೂರ ಅಭಿಮತ
■ ಉದಯವಾಣಿ ಸಮಾಚಾರ
ರಾಮನಗರ: ಜಿಲ್ಲೆಯಲ್ಲಿ ಹಾವು ಕಡಿತ ಪ್ರಕರಣಗಳಲ್ಲಿ ಸಾವು ಸಂಭವಿಸದಂತೆ ಸೂಕ್ತ ಮುನ್ನೆಚ್ಚರಿಕೆ ವಹಿಸಬೇಕು. ಪ್ರಾಥಮಿಕ ಆರೋಗ್ಯ ಕೇಂದ್ರಗಳಲ್ಲಿ ಔಷಧ ದಾಸ್ತಾನು ಇರಬೇಕು ಎಂದು ಜಿಲ್ಲಾಧಿಕಾರಿ ಸೂಚಿಸಿದರು. ಜಿಲ್ಲಾಧಿಕಾರಿಗಳ ಕಚೇರಿಯಲ್ಲಿ ನಡೆದ ಸಭೆಯಲ್ಲಿ ಮಾತನಾಡಿದ ಅವರು, ಗ್ರಾಮೀಣ ಭಾಗದಲ್ಲಿ ಜನರಿಗೆ ಅರಿವು ಮೂಡಿಸಬೇಕು. ಆಶಾ ಕಾರ್ಯಕರ್ತೆಯರು ಮನೆ ಮನೆಗೆ ತೆರಳಿ ಮಾಹಿತಿ ನೀಡಬೇಕು. ತಾಯಿ ಮತ್ತು ಮಗುವಿನ ಆರೋಗ್ಯದ ಕಡೆ ಹೆಚ್ಚಿನ ಗಮನ ಹರಿಸಬೇಕು ಎಂದು ತಿಳಿಸಿದರು. ಸಭೆಯಲ್ಲಿ ವಿವಿಧ ಇಲಾಖೆಗಳ ಅಧಿಕಾರಿಗಳು ಹಾಜರಿದ್ದರು.
ರಾಮನಗರ: ಜಿಲ್ಲೆಯಲ್ಲಿ ಹಾವು ಕಡಿತ ಪ್ರಕರಣಗಳಲ್ಲಿ ಸಾವು ಸಂಭವಿಸದಂತೆ ಸೂಕ್ತ ಮುನ್ನೆಚ್ಚರಿಕೆ ವಹಿಸಬೇಕು. ಪ್ರಾಥಮಿಕ ಆರೋಗ್ಯ ಕೇಂದ್ರಗಳಲ್ಲಿ ಔಷಧ ದಾಸ್ತಾನು ಇರಬೇಕು ಎಂದು ಜಿಲ್ಲಾಧಿಕಾರಿ ಸೂಚಿಸಿದರು. ಜಿಲ್ಲಾಧಿಕಾರಿಗಳ ಕಚೇರಿಯಲ್ಲಿ ನಡೆದ ಸಭೆಯಲ್ಲಿ ಮಾತನಾಡಿದ ಅವರು, ಗ್ರಾಮೀಣ ಭಾಗದಲ್ಲಿ ಜನರಿಗೆ ಅರಿವು ಮೂಡಿಸಬೇಕು. ಆಶಾ ಕಾರ್ಯಕರ್ತೆಯರು ಮನೆ ಮನೆಗೆ ತೆರಳಿ ಮಾಹಿತಿ ನೀಡಬೇಕು. ತಾಯಿ ಮತ್ತು ಮಗುವಿನ ಆರೋಗ್ಯದ ಕಡೆ ಹೆಚ್ಚಿನ ಗಮನ ಹರಿಸಬೇಕು ಎಂದು ತಿಳಿಸಿದರು. ಸಭೆಯಲ್ಲಿ ವಿವಿಧ ಇಲಾಖೆಗಳ ಅಧಿಕಾರಿಗಳು ಹಾಜರಿದ್ದರು.
ರಾಮನಗರ: ಜಿಲ್ಲೆಯಲ್ಲಿ ಹಾವು ಕಡಿತ ಪ್ರಕರಣಗಳಲ್ಲಿ ಸಾವು ಸಂಭವಿಸದಂತೆ ಸೂಕ್ತ ಮುನ್ನೆಚ್ಚರಿಕೆ ವಹಿಸಬೇಕು. ಪ್ರಾಥಮಿಕ ಆರೋಗ್ಯ ಕೇಂದ್ರಗಳಲ್ಲಿ ಔಷಧ ದಾಸ್ತಾನು ಇರಬೇಕು ಎಂದು ಜಿಲ್ಲಾಧಿಕಾರಿ ಸೂಚಿಸಿದರು. ಜಿಲ್ಲಾಧಿಕಾರಿಗಳ ಕಚೇರಿಯಲ್ಲಿ ನಡೆದ ಸಭೆಯಲ್ಲಿ ಮಾತನಾಡಿದ ಅವರು, ಗ್ರಾಮೀಣ ಭಾಗದಲ್ಲಿ ಜನರಿಗೆ ಅರಿವು ಮೂಡಿಸಬೇಕು. ಆಶಾ ಕಾರ್ಯಕರ್ತೆಯರು ಮನೆ ಮನೆಗೆ ತೆರಳಿ ಮಾಹಿತಿ ನೀಡಬೇಕು. ತಾಯಿ ಮತ್ತು ಮಗುವಿನ ಆರೋಗ್ಯದ ಕಡೆ ಹೆಚ್ಚಿನ ಗಮನ ಹರಿಸಬೇಕು ಎಂದು ತಿಳಿಸಿದರು. ಸಭೆಯಲ್ಲಿ ವಿವಿಧ ಇಲಾಖೆಗಳ ಅಧಿಕಾರಿಗಳು ಹಾಜರಿದ್ದರು.
ಸಾಹಿತ್ಯ ಹೆಚ್ಚು ಬಳಸಿ
ರಾಮನಗರ: ಜಿಲ್ಲೆಯಲ್ಲಿ ಹಾವು ಕಡಿತ ಪ್ರಕರಣಗಳಲ್ಲಿ ಸಾವು ಸಂಭವಿಸದಂತೆ ಸೂಕ್ತ ಮುನ್ನೆಚ್ಚರಿಕೆ ವಹಿಸಬೇಕು. ಪ್ರಾಥಮಿಕ ಆರೋಗ್ಯ ಕೇಂದ್ರಗಳಲ್ಲಿ ಔಷಧ ದಾಸ್ತಾನು ಇರಬೇಕು ಎಂದು ಜಿಲ್ಲಾಧಿಕಾರಿ ಸೂಚಿಸಿದರು. ಜಿಲ್ಲಾಧಿಕಾರಿಗಳ ಕಚೇರಿಯಲ್ಲಿ ನಡೆದ ಸಭೆಯಲ್ಲಿ ಮಾತನಾಡಿದ ಅವರು, ಗ್ರಾಮೀಣ ಭಾಗದಲ್ಲಿ ಜನರಿಗೆ ಅರಿವು ಮೂಡಿಸಬೇಕು. ಆಶಾ ಕಾರ್ಯಕರ್ತೆಯರು ಮನೆ ಮನೆಗೆ ತೆರಳಿ ಮಾಹಿತಿ ನೀಡಬೇಕು. ತಾಯಿ ಮತ್ತು ಮಗುವಿನ ಆರೋಗ್ಯದ ಕಡೆ ಹೆಚ್ಚಿನ ಗಮನ ಹರಿಸಬೇಕು ಎಂದು ತಿಳಿಸಿದರು. ಸಭೆಯಲ್ಲಿ ವಿವಿಧ ಇಲಾಖೆಗಳ ಅಧಿಕಾರಿಗಳು ಹಾಜರಿದ್ದರು.
ಹಾವುಗಳ ಕಡಿತಕ್ಕೆ ಕಾಡಾನೆ ದಾಳಿಗೆ ಸಾವು ಹೆಚ್ಚಳ: ಪ್ರಕರಣ ದಾಖಲು ಸಚಿವ ಈಶ್ವರ ಖಂಡ್ರೆ ಸೂಚನೆ
ಕಾಡಾನೆಗಳ ಸಾವು: ಸಚಿವ ಖಂಡ್ರೆ ರಾಜೀನಾಮೆಗೆ ಆಗ್ರಹ
■ ಉದಯವಾಣಿ ಸಮಾಚಾರ
ರಾಮನಗರ: ಜಿಲ್ಲೆಯಲ್ಲಿ ಹಾವು ಕಡಿತ ಪ್ರಕರಣಗಳಲ್ಲಿ ಸಾವು ಸಂಭವಿಸದಂತೆ ಸೂಕ್ತ ಮುನ್ನೆಚ್ಚರಿಕೆ ವಹಿಸಬೇಕು. ಪ್ರಾಥಮಿಕ ಆರೋಗ್ಯ ಕೇಂದ್ರಗಳಲ್ಲಿ ಔಷಧ ದಾಸ್ತಾನು ಇರಬೇಕು ಎಂದು ಜಿಲ್ಲಾಧಿಕಾರಿ ಸೂಚಿಸಿದರು. ಜಿಲ್ಲಾಧಿಕಾರಿಗಳ ಕಚೇರಿಯಲ್ಲಿ ನಡೆದ ಸಭೆಯಲ್ಲಿ ಮಾತನಾಡಿದ ಅವರು, ಗ್ರಾಮೀಣ ಭಾಗದಲ್ಲಿ ಜನರಿಗೆ ಅರಿವು ಮೂಡಿಸಬೇಕು. ಆಶಾ ಕಾರ್ಯಕರ್ತೆಯರು ಮನೆ ಮನೆಗೆ ತೆರಳಿ ಮಾಹಿತಿ ನೀಡಬೇಕು. ತಾಯಿ ಮತ್ತು ಮಗುವಿನ ಆರೋಗ್ಯದ ಕಡೆ ಹೆಚ್ಚಿನ ಗಮನ ಹರಿಸಬೇಕು ಎಂದು ತಿಳಿಸಿದರು. ಸಭೆಯಲ್ಲಿ ವಿವಿಧ ಇಲಾಖೆಗಳ ಅಧಿಕಾರಿಗಳು ಹಾಜರಿದ್ದರು.
ಕಾಡಾನೆ ಸಾವು ಪ್ರಕರಣ ಕುರಿತು ಬಿಜೆಪಿ ಮುಖಂಡರು ಸುದ್ದಿಗೋಷ್ಠಿ ನಡೆಸಿದರು.
ರಾಮನಗರ: ಜಿಲ್ಲೆಯಲ್ಲಿ ಹಾವು ಕಡಿತ ಪ್ರಕರಣಗಳಲ್ಲಿ ಸಾವು ಸಂಭವಿಸದಂತೆ ಸೂಕ್ತ ಮುನ್ನೆಚ್ಚರಿಕೆ ವಹಿಸಬೇಕು. ಪ್ರಾಥಮಿಕ ಆರೋಗ್ಯ ಕೇಂದ್ರಗಳಲ್ಲಿ ಔಷಧ ದಾಸ್ತಾನು ಇರಬೇಕು ಎಂದು ಜಿಲ್ಲಾಧಿಕಾರಿ ಸೂಚಿಸಿದರು. ಜಿಲ್ಲಾಧಿಕಾರಿಗಳ ಕಚೇರಿಯಲ್ಲಿ ನಡೆದ ಸಭೆಯಲ್ಲಿ ಮಾತನಾಡಿದ ಅವರು, ಗ್ರಾಮೀಣ ಭಾಗದಲ್ಲಿ ಜನರಿಗೆ ಅರಿವು ಮೂಡಿಸಬೇಕು. ಆಶಾ ಕಾರ್ಯಕರ್ತೆಯರು ಮನೆ ಮನೆಗೆ ತೆರಳಿ ಮಾಹಿತಿ ನೀಡಬೇಕು. ತಾಯಿ ಮತ್ತು ಮಗುವಿನ ಆರೋಗ್ಯದ ಕಡೆ ಹೆಚ್ಚಿನ ಗಮನ ಹರಿಸಬೇಕು ಎಂದು ತಿಳಿಸಿದರು. ಸಭೆಯಲ್ಲಿ ವಿವಿಧ ಇಲಾಖೆಗಳ ಅಧಿಕಾರಿಗಳು ಹಾಜರಿದ್ದರು.
ರಾಮನಗರ: ಜಿಲ್ಲೆಯಲ್ಲಿ ಹಾವು ಕಡಿತ ಪ್ರಕರಣಗಳಲ್ಲಿ ಸಾವು ಸಂಭವಿಸದಂತೆ ಸೂಕ್ತ ಮುನ್ನೆಚ್ಚರಿಕೆ ವಹಿಸಬೇಕು. ಪ್ರಾಥಮಿಕ ಆರೋಗ್ಯ ಕೇಂದ್ರಗಳಲ್ಲಿ ಔಷಧ ದಾಸ್ತಾನು ಇರಬೇಕು ಎಂದು ಜಿಲ್ಲಾಧಿಕಾರಿ ಸೂಚಿಸಿದರು. ಜಿಲ್ಲಾಧಿಕಾರಿಗಳ ಕಚೇರಿಯಲ್ಲಿ ನಡೆದ ಸಭೆಯಲ್ಲಿ ಮಾತನಾಡಿದ ಅವರು, ಗ್ರಾಮೀಣ ಭಾಗದಲ್ಲಿ ಜನರಿಗೆ ಅರಿವು ಮೂಡಿಸಬೇಕು. ಆಶಾ ಕಾರ್ಯಕರ್ತೆಯರು ಮನೆ ಮನೆಗೆ ತೆರಳಿ ಮಾಹಿತಿ ನೀಡಬೇಕು. ತಾಯಿ ಮತ್ತು ಮಗುವಿನ ಆರೋಗ್ಯದ ಕಡೆ ಹೆಚ್ಚಿನ ಗಮನ ಹರಿಸಬೇಕು ಎಂದು ತಿಳಿಸಿದರು. ಸಭೆಯಲ್ಲಿ ವಿವಿಧ ಇಲಾಖೆಗಳ ಅಧಿಕಾರಿಗಳು ಹಾಜರಿದ್ದರು.
ರಾಮನಗರ: ಜಿಲ್ಲೆಯಲ್ಲಿ ಹಾವು ಕಡಿತ ಪ್ರಕರಣಗಳಲ್ಲಿ ಸಾವು ಸಂಭವಿಸದಂತೆ ಸೂಕ್ತ ಮುನ್ನೆಚ್ಚರಿಕೆ ವಹಿಸಬೇಕು. ಪ್ರಾಥಮಿಕ ಆರೋಗ್ಯ ಕೇಂದ್ರಗಳಲ್ಲಿ ಔಷಧ ದಾಸ್ತಾನು ಇರಬೇಕು ಎಂದು ಜಿಲ್ಲಾಧಿಕಾರಿ ಸೂಚಿಸಿದರು. ಜಿಲ್ಲಾಧಿಕಾರಿಗಳ ಕಚೇರಿಯಲ್ಲಿ ನಡೆದ ಸಭೆಯಲ್ಲಿ ಮಾತನಾಡಿದ ಅವರು, ಗ್ರಾಮೀಣ ಭಾಗದಲ್ಲಿ ಜನರಿಗೆ ಅರಿವು ಮೂಡಿಸಬೇಕು. ಆಶಾ ಕಾರ್ಯಕರ್ತೆಯರು ಮನೆ ಮನೆಗೆ ತೆರಳಿ ಮಾಹಿತಿ ನೀಡಬೇಕು. ತಾಯಿ ಮತ್ತು ಮಗುವಿನ ಆರೋಗ್ಯದ ಕಡೆ ಹೆಚ್ಚಿನ ಗಮನ ಹರಿಸಬೇಕು ಎಂದು ತಿಳಿಸಿದರು. ಸಭೆಯಲ್ಲಿ ವಿವಿಧ ಇಲಾಖೆಗಳ ಅಧಿಕಾರಿಗಳು ಹಾಜರಿದ್ದರು.
